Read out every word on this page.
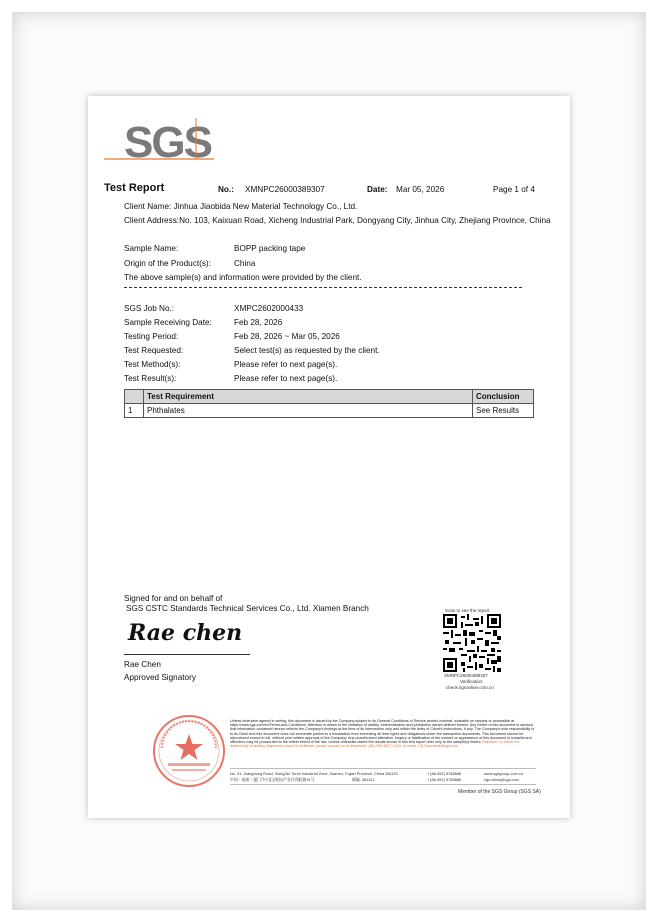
SGS
Test Report	No.: XMNPC26000389307	Date: Mar 05, 2026	Page 1 of 4
Client Name: Jinhua Jiaobida New Material Technology Co., Ltd.
Client Address:No. 103, Kaixuan Road, Xicheng Industrial Park, Dongyang City, Jinhua City, Zhejiang Province, China
Sample Name:	BOPP packing tape
Origin of the Product(s):	China
The above sample(s) and information were provided by the client.
SGS Job No.:	XMPC2602000433
Sample Receiving Date:	Feb 28, 2026
Testing Period:	Feb 28, 2026 ~ Mar 05, 2026
Test Requested:	Select test(s) as requested by the client.
Test Method(s):	Please refer to next page(s).
Test Result(s):	Please refer to next page(s).
	Test Requirement	Conclusion
1	Phthalates	See Results
Signed for and on behalf of
SGS CSTC Standards Technical Services Co., Ltd. Xiamen Branch
Rae chen
Rae Chen
Approved Signatory
Scan to see the report
XMNPC26000389307
Verification:
check.sgsonline.com.cn
Unless otherwise agreed in writing, this document is issued by the Company subject to its General Conditions of Service printed overleaf, available on request or accessible at https://www.sgs.com/en/Terms-and-Conditions. Attention is drawn to the limitation of liability, indemnification and jurisdiction issues defined therein. Any holder of this document is advised that information contained hereon reflects the Company's findings at the time of its intervention only and within the limits of Client's instructions, if any. The Company's sole responsibility is to its Client and this document does not exonerate parties to a transaction from exercising all their rights and obligations under the transaction documents. This document cannot be reproduced except in full, without prior written approval of the Company. Any unauthorized alteration, forgery or falsification of the content or appearance of this document is unlawful and offenders may be prosecuted to the fullest extent of the law. Unless otherwise stated the results shown in this test report refer only to the sample(s) tested. Attention: To check the authenticity of testing /inspection report & certificate, please contact us at telephone: (86-755) 8307 1443, or email: CN.Doccheck@sgs.com
No. 31, Xianghong Road, Xiang'An Torch Industrial Zone, Xiamen, Fujian Province, China 361101
中国・福建・厦门市火炬(翔安)产业区翔虹路31号	邮编: 361101
t (86-592) 5766888
f (86-592) 5766888
www.sgsgroup.com.cn
sgs.china@sgs.com
Member of the SGS Group (SGS SA)
